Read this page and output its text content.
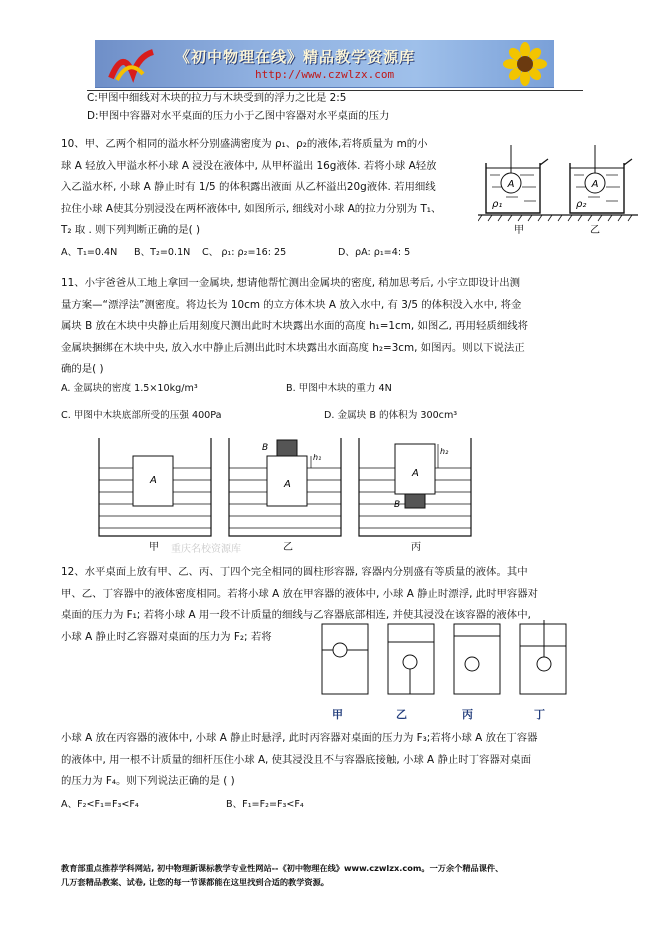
《初中物理在线》精品教学资源库
http://www.czwlzx.com
C:甲图中细线对木块的拉力与木块受到的浮力之比是 2:5
D:甲图中容器对水平桌面的压力小于乙图中容器对水平桌面的压力
10、甲、乙两个相同的溢水杯分别盛满密度为 ρ₁、ρ₂的液体,若将质量为 m的小
球 A 轻放入甲溢水杯小球 A 浸没在液体中, 从甲杯溢出 16g液体. 若将小球 A轻放
入乙溢水杯, 小球 A 静止时有 1/5 的体积露出液面 从乙杯溢出20g液体. 若用细线
拉住小球 A使其分别浸没在两杯液体中, 如图所示, 细线对小球 A的拉力分别为 T₁、
T₂ 取 . 则下列判断正确的是( )
A
ρ₁
A
ρ₂
甲	乙
A、T₁=0.4N B、T₂=0.1N C、 ρ₁: ρ₂=16: 25	D、ρA: ρ₁=4: 5
11、小宇爸爸从工地上拿回一金属块, 想请他帮忙测出金属块的密度, 稍加思考后, 小宇立即设计出测
量方案—“漂浮法”测密度。将边长为 10cm 的立方体木块 A 放入水中, 有 3/5 的体积没入水中, 将金
属块 B 放在木块中央静止后用刻度尺测出此时木块露出水面的高度 h₁=1cm, 如图乙, 再用轻质细线将
金属块捆绑在木块中央, 放入水中静止后测出此时木块露出水面高度 h₂=3cm, 如图丙。则以下说法正
确的是( )
A. 金属块的密度 1.5×10kg/m³	B. 甲图中木块的重力 4N
C. 甲图中木块底部所受的压强 400Pa	D. 金属块 B 的体积为 300cm³
A
甲 重庆名校资源库
B
A
h₁
乙
B
A
h₂
丙
12、水平桌面上放有甲、乙、丙、丁四个完全相同的圆柱形容器, 容器内分别盛有等质量的液体。其中
甲、乙、丁容器中的液体密度相同。若将小球 A 放在甲容器的液体中, 小球 A 静止时漂浮, 此时甲容器对
桌面的压力为 F₁; 若将小球 A 用一段不计质量的细线与乙容器底部相连, 并使其浸没在该容器的液体中,
小球 A 静止时乙容器对桌面的压力为 F₂; 若将
甲	乙	丙	丁
小球 A 放在丙容器的液体中, 小球 A 静止时悬浮, 此时丙容器对桌面的压力为 F₃;若将小球 A 放在丁容器
的液体中, 用一根不计质量的细杆压住小球 A, 使其浸没且不与容器底接触, 小球 A 静止时丁容器对桌面
的压力为 F₄。则下列说法正确的是 ( )
A、F₂<F₁=F₃<F₄	B、F₁=F₂=F₃<F₄
教育部重点推荐学科网站, 初中物理新课标教学专业性网站--《初中物理在线》www.czwlzx.com。一万余个精品课件、
几万套精品教案、试卷, 让您的每一节课都能在这里找到合适的教学资源。
